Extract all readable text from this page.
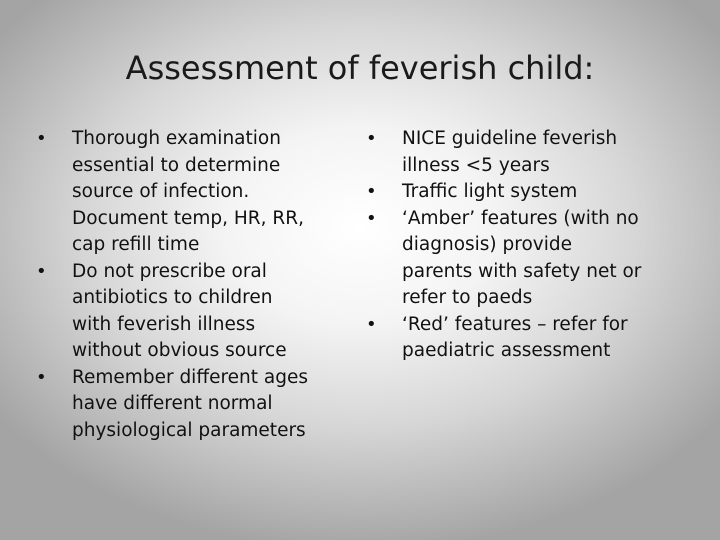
Assessment of feverish child:
•	Thorough examination
essential to determine
source of infection.
Document temp, HR, RR,
cap refill time
•	Do not prescribe oral
antibiotics to children
with feverish illness
without obvious source
•	Remember different ages
have different normal
physiological parameters
•	NICE guideline feverish
illness <5 years
•	Traffic light system
•	‘Amber’ features (with no
diagnosis) provide
parents with safety net or
refer to paeds
•	‘Red’ features – refer for
paediatric assessment
